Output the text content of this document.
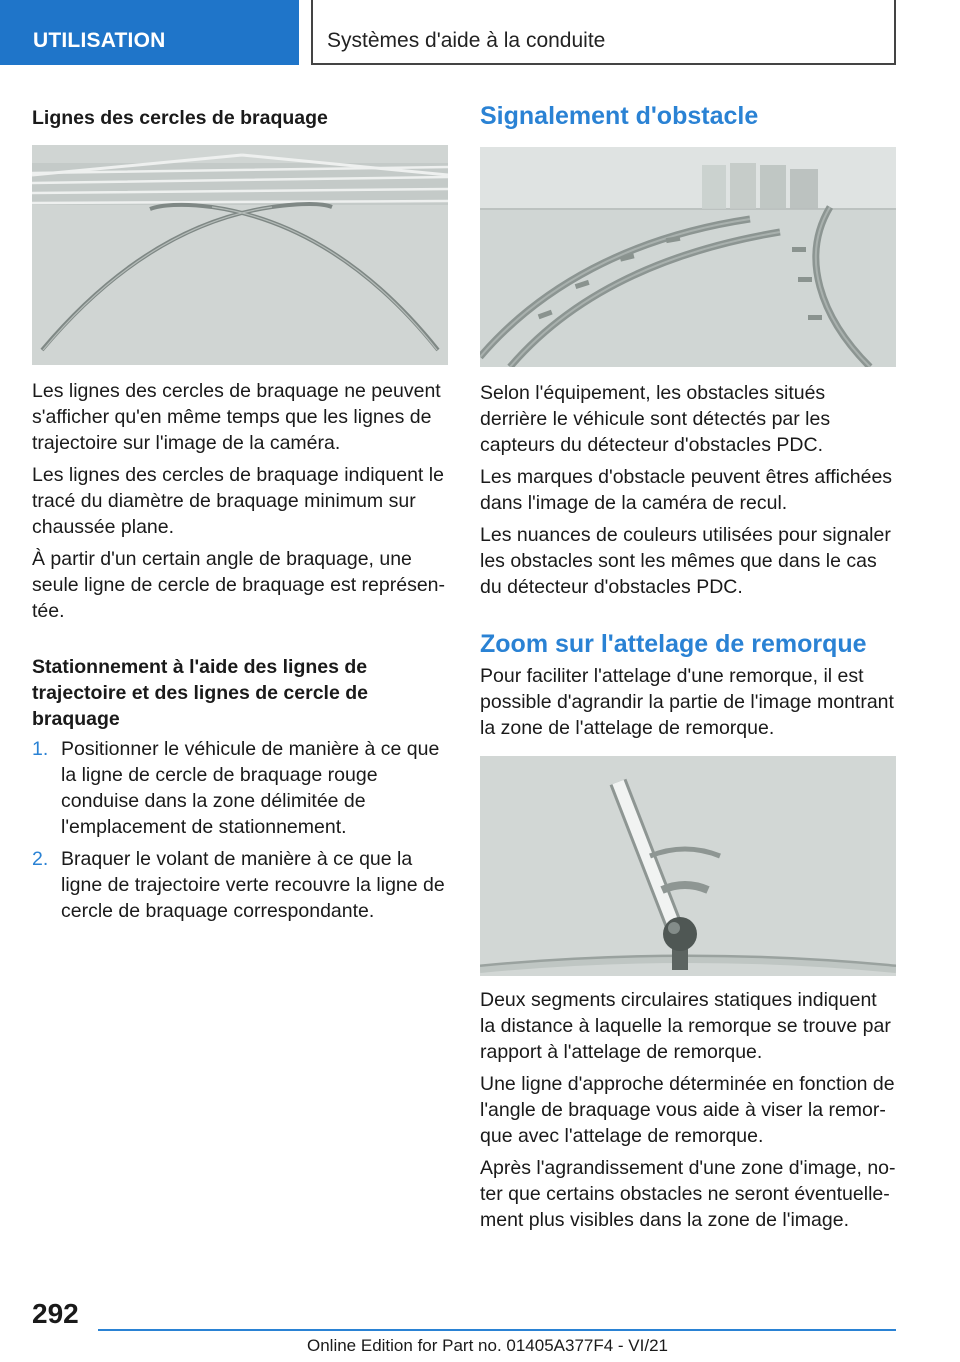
UTILISATION	Systèmes d'aide à la conduite
Lignes des cercles de braquage
Les lignes des cercles de braquage ne peuvent s'afficher qu'en même temps que les lignes de trajectoire sur l'image de la caméra.
Les lignes des cercles de braquage indiquent le tracé du diamètre de braquage minimum sur chaussée plane.
À partir d'un certain angle de braquage, une seule ligne de cercle de braquage est représentée.
Stationnement à l'aide des lignes de trajectoire et des lignes de cercle de braquage
1. Positionner le véhicule de manière à ce que la ligne de cercle de braquage rouge conduise dans la zone délimitée de l'emplacement de stationnement.
2. Braquer le volant de manière à ce que la ligne de trajectoire verte recouvre la ligne de cercle de braquage correspondante.
Signalement d'obstacle
Selon l'équipement, les obstacles situés derrière le véhicule sont détectés par les capteurs du détecteur d'obstacles PDC.
Les marques d'obstacle peuvent êtres affichées dans l'image de la caméra de recul.
Les nuances de couleurs utilisées pour signaler les obstacles sont les mêmes que dans le cas du détecteur d'obstacles PDC.
Zoom sur l'attelage de remorque
Pour faciliter l'attelage d'une remorque, il est possible d'agrandir la partie de l'image montrant la zone de l'attelage de remorque.
Deux segments circulaires statiques indiquent la distance à laquelle la remorque se trouve par rapport à l'attelage de remorque.
Une ligne d'approche déterminée en fonction de l'angle de braquage vous aide à viser la remorque avec l'attelage de remorque.
Après l'agrandissement d'une zone d'image, noter que certains obstacles ne seront éventuellement plus visibles dans la zone de l'image.
292
Online Edition for Part no. 01405A377F4 - VI/21
